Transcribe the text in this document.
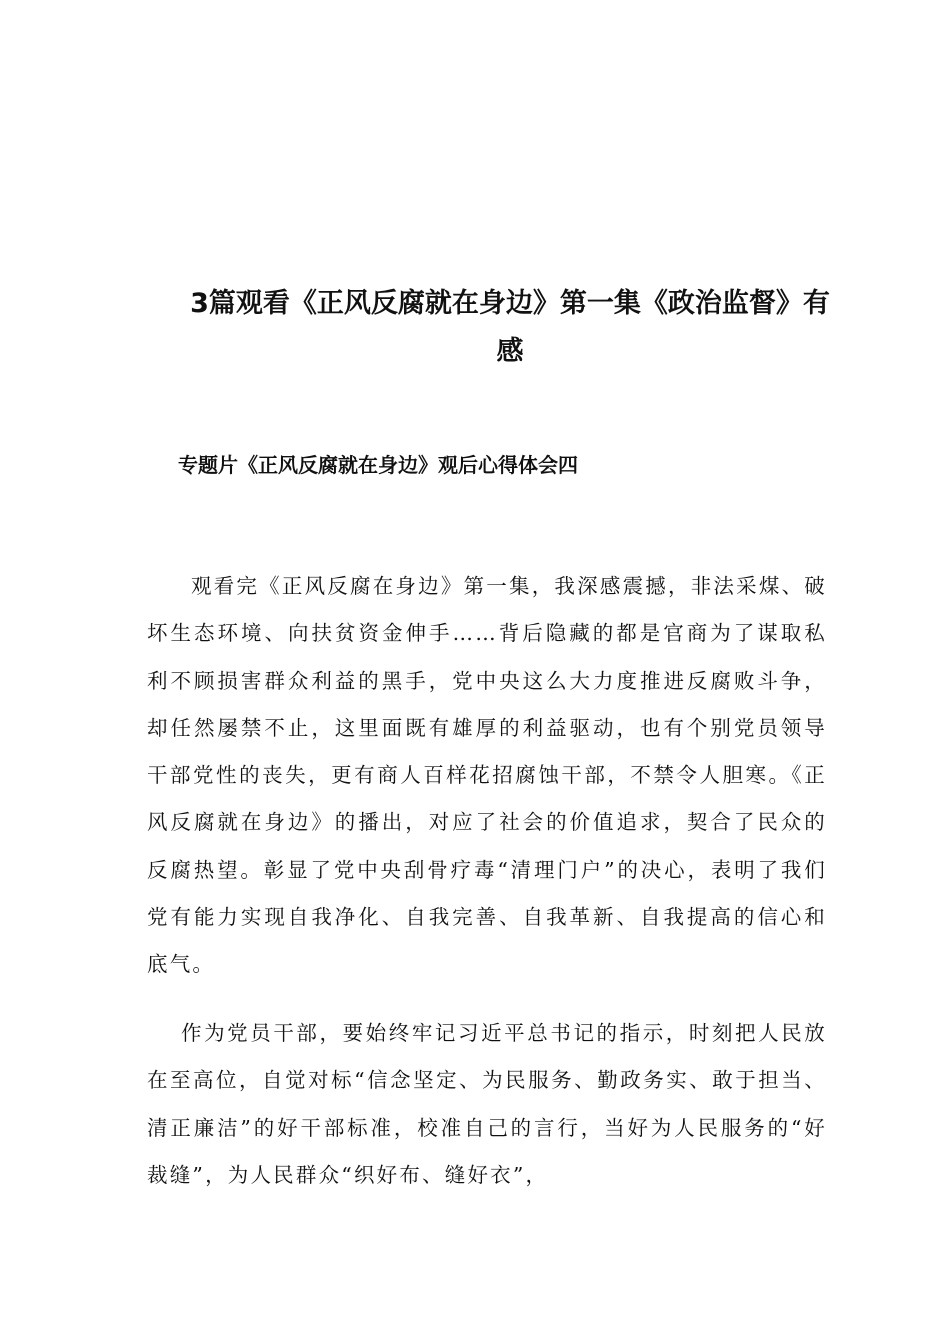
3篇观看《正风反腐就在身边》第一集《政治监督》有感
专题片《正风反腐就在身边》观后心得体会四

观看完《正风反腐在身边》第一集，我深感震撼，非法采煤、破坏生态环境、向扶贫资金伸手……背后隐藏的都是官商为了谋取私利不顾损害群众利益的黑手，党中央这么大力度推进反腐败斗争，却任然屡禁不止，这里面既有雄厚的利益驱动，也有个别党员领导干部党性的丧失，更有商人百样花招腐蚀干部，不禁令人胆寒。《正风反腐就在身边》的播出，对应了社会的价值追求，契合了民众的反腐热望。彰显了党中央刮骨疗毒“清理门户”的决心，表明了我们党有能力实现自我净化、自我完善、自我革新、自我提高的信心和底气。

作为党员干部，要始终牢记习近平总书记的指示，时刻把人民放在至高位，自觉对标“信念坚定、为民服务、勤政务实、敢于担当、清正廉洁”的好干部标准，校准自己的言行，当好为人民服务的“好裁缝”，为人民群众“织好布、缝好衣”，
